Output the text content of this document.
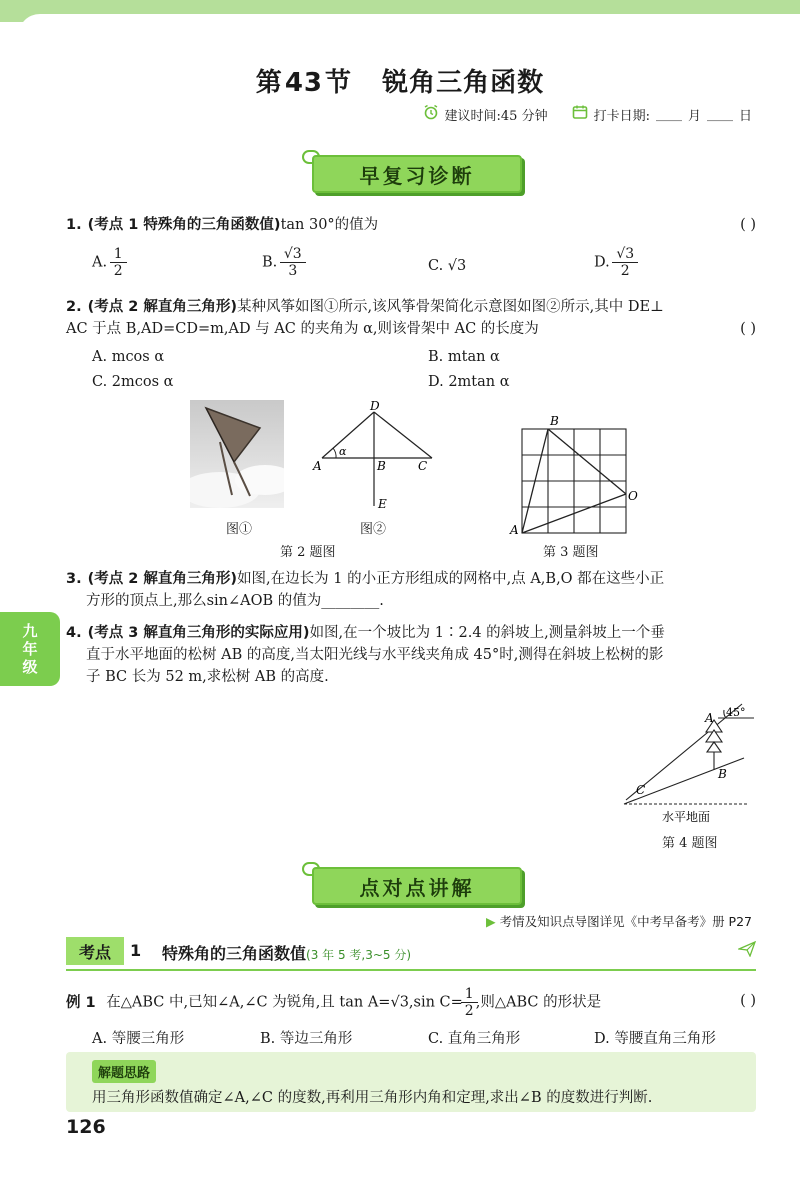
第43节 锐角三角函数
建议时间:45 分钟	打卡日期: ____ 月 ____ 日
早复习诊断
1. (考点 1 特殊角的三角函数值)tan 30°的值为	( )
A. $\frac{1}{2}$	B. $\frac{√3}{3}$	C. √3	D. $\frac{√3}{2}$
2. (考点 2 解直角三角形)某种风筝如图①所示,该风筝骨架简化示意图如图②所示,其中 DE⊥
AC 于点 B,AD=CD=m,AD 与 AC 的夹角为 α,则该骨架中 AC 的长度为	( )
A. mcos α	B. mtan α
C. 2mcos α	D. 2mtan α
D
A	B	C
E
α
图①	图②
第 2 题图
B
A
O
第 3 题图
3. (考点 2 解直角三角形)如图,在边长为 1 的小正方形组成的网格中,点 A,B,O 都在这些小正
方形的顶点上,那么sin∠AOB 的值为________.
九
年
级
4. (考点 3 解直角三角形的实际应用)如图,在一个坡比为 1∶2.4 的斜坡上,测量斜坡上一个垂
直于水平地面的松树 AB 的高度,当太阳光线与水平线夹角成 45°时,测得在斜坡上松树的影
子 BC 长为 52 m,求松树 AB 的高度.
A
B
C
45°
水平地面
第 4 题图
点对点讲解
▶ 考情及知识点导图详见《中考早备考》册 P27
考点	1 特殊角的三角函数值(3 年 5 考,3~5 分)
例 1 在△ABC 中,已知∠A,∠C 为锐角,且 tan A=√3,sin $C= \frac{1}{2}$ ,则△ABC 的形状是	( )
A. 等腰三角形	B. 等边三角形	C. 直角三角形	D. 等腰直角三角形
解题思路
用三角形函数值确定∠A,∠C 的度数,再利用三角形内角和定理,求出∠B 的度数进行判断.
126
